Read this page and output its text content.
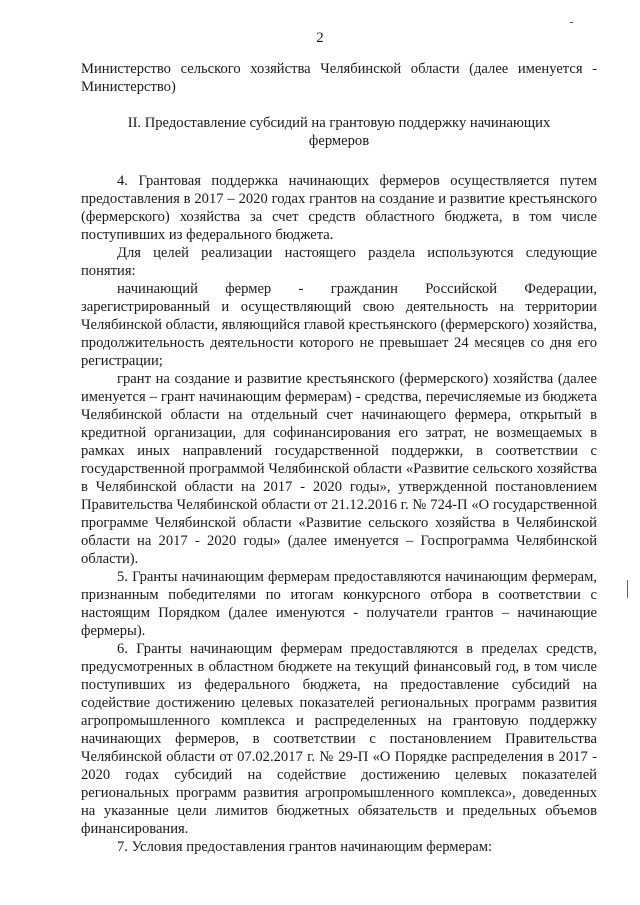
2

Министерство сельского хозяйства Челябинской области (далее именуется - Министерство)

II. Предоставление субсидий на грантовую поддержку начинающих фермеров

4. Грантовая поддержка начинающих фермеров осуществляется путем предоставления в 2017 – 2020 годах грантов на создание и развитие крестьянского (фермерского) хозяйства за счет средств областного бюджета, в том числе поступивших из федерального бюджета.

Для целей реализации настоящего раздела используются следующие понятия:

начинающий фермер - гражданин Российской Федерации, зарегистрированный и осуществляющий свою деятельность на территории Челябинской области, являющийся главой крестьянского (фермерского) хозяйства, продолжительность деятельности которого не превышает 24 месяцев со дня его регистрации;

грант на создание и развитие крестьянского (фермерского) хозяйства (далее именуется – грант начинающим фермерам) - средства, перечисляемые из бюджета Челябинской области на отдельный счет начинающего фермера, открытый в кредитной организации, для софинансирования его затрат, не возмещаемых в рамках иных направлений государственной поддержки, в соответствии с государственной программой Челябинской области «Развитие сельского хозяйства в Челябинской области на 2017 - 2020 годы», утвержденной постановлением Правительства Челябинской области от 21.12.2016 г. № 724-П «О государственной программе Челябинской области «Развитие сельского хозяйства в Челябинской области на 2017 - 2020 годы» (далее именуется – Госпрограмма Челябинской области).

5. Гранты начинающим фермерам предоставляются начинающим фермерам, признанным победителями по итогам конкурсного отбора в соответствии с настоящим Порядком (далее именуются - получатели грантов – начинающие фермеры).

6. Гранты начинающим фермерам предоставляются в пределах средств, предусмотренных в областном бюджете на текущий финансовый год, в том числе поступивших из федерального бюджета, на предоставление субсидий на содействие достижению целевых показателей региональных программ развития агропромышленного комплекса и распределенных на грантовую поддержку начинающих фермеров, в соответствии с постановлением Правительства Челябинской области от 07.02.2017 г. № 29-П «О Порядке распределения в 2017 - 2020 годах субсидий на содействие достижению целевых показателей региональных программ развития агропромышленного комплекса», доведенных на указанные цели лимитов бюджетных обязательств и предельных объемов финансирования.

7. Условия предоставления грантов начинающим фермерам:
